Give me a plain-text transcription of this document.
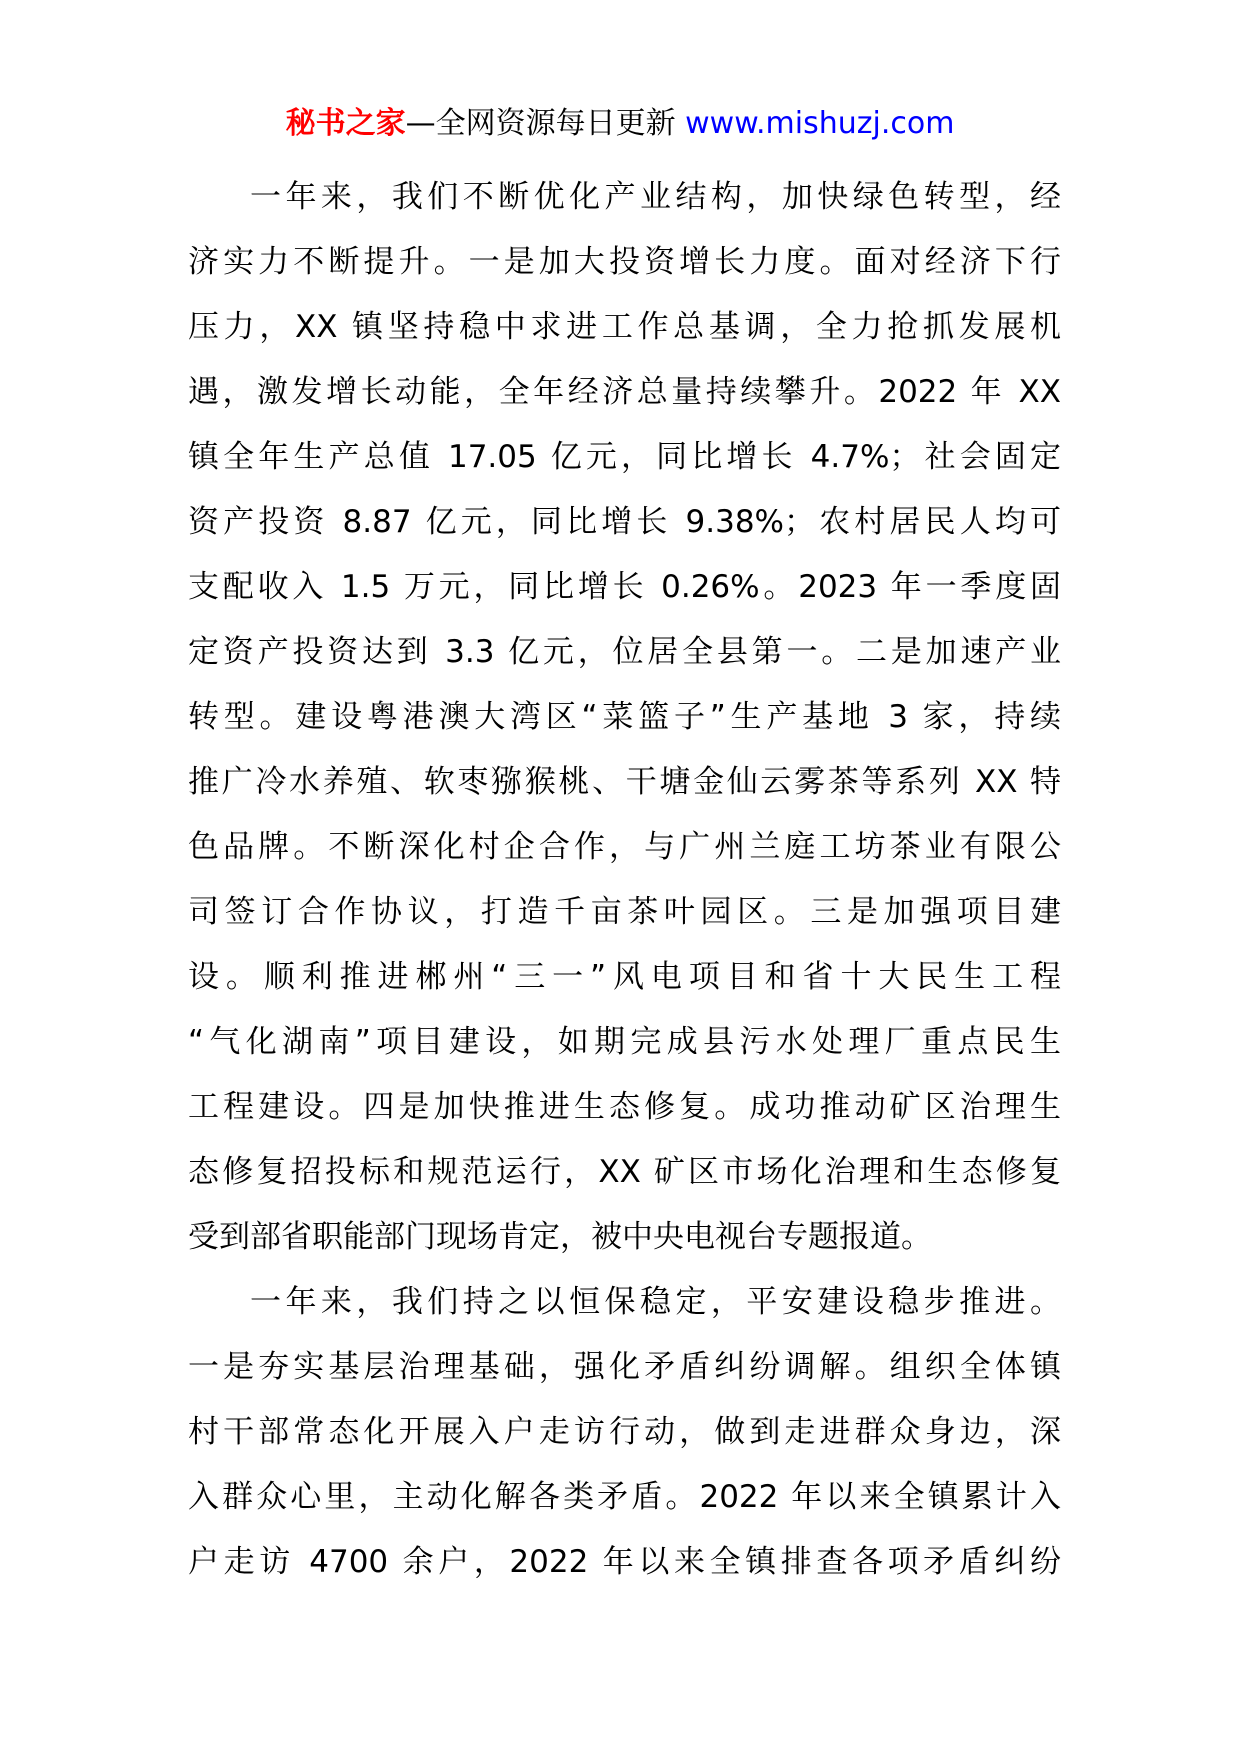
秘书之家—全网资源每日更新 www.mishuzj.com

一年来，我们不断优化产业结构，加快绿色转型，经
济实力不断提升。一是加大投资增长力度。面对经济下行
压力，XX 镇坚持稳中求进工作总基调，全力抢抓发展机
遇，激发增长动能，全年经济总量持续攀升。2022 年 XX
镇全年生产总值 17.05 亿元，同比增长 4.7%；社会固定
资产投资 8.87 亿元，同比增长 9.38%；农村居民人均可
支配收入 1.5 万元，同比增长 0.26%。2023 年一季度固
定资产投资达到 3.3 亿元，位居全县第一。二是加速产业
转型。建设粤港澳大湾区“菜篮子”生产基地 3 家，持续
推广冷水养殖、软枣猕猴桃、干塘金仙云雾茶等系列 XX 特
色品牌。不断深化村企合作，与广州兰庭工坊茶业有限公
司签订合作协议，打造千亩茶叶园区。三是加强项目建
设。顺利推进郴州“三一”风电项目和省十大民生工程
“气化湖南”项目建设，如期完成县污水处理厂重点民生
工程建设。四是加快推进生态修复。成功推动矿区治理生
态修复招投标和规范运行，XX 矿区市场化治理和生态修复
受到部省职能部门现场肯定，被中央电视台专题报道。

一年来，我们持之以恒保稳定，平安建设稳步推进。
一是夯实基层治理基础，强化矛盾纠纷调解。组织全体镇
村干部常态化开展入户走访行动，做到走进群众身边，深
入群众心里，主动化解各类矛盾。2022 年以来全镇累计入
户走访 4700 余户，2022 年以来全镇排查各项矛盾纠纷
